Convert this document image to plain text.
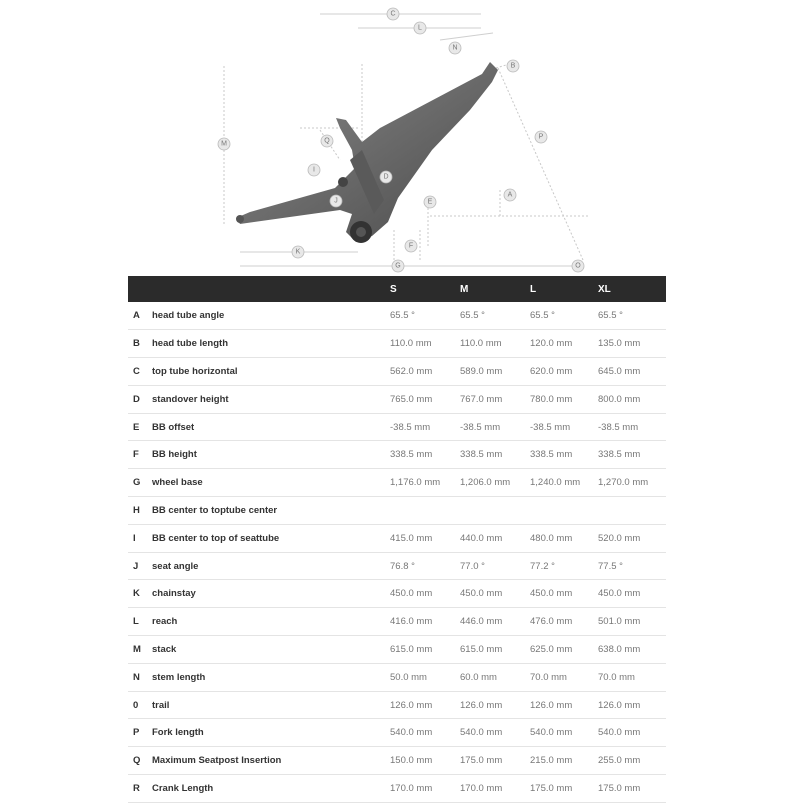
C
L
N
B
M	Q
P
I
D
A
J	E
F
K
G	O
		S	M	L	XL
A	head tube angle	65.5 °	65.5 °	65.5 °	65.5 °
B	head tube length	110.0 mm	110.0 mm	120.0 mm	135.0 mm
C	top tube horizontal	562.0 mm	589.0 mm	620.0 mm	645.0 mm
D	standover height	765.0 mm	767.0 mm	780.0 mm	800.0 mm
E	BB offset	-38.5 mm	-38.5 mm	-38.5 mm	-38.5 mm
F	BB height	338.5 mm	338.5 mm	338.5 mm	338.5 mm
G	wheel base	1,176.0 mm	1,206.0 mm	1,240.0 mm	1,270.0 mm
H	BB center to toptube center				
I	BB center to top of seattube	415.0 mm	440.0 mm	480.0 mm	520.0 mm
J	seat angle	76.8 °	77.0 °	77.2 °	77.5 °
K	chainstay	450.0 mm	450.0 mm	450.0 mm	450.0 mm
L	reach	416.0 mm	446.0 mm	476.0 mm	501.0 mm
M	stack	615.0 mm	615.0 mm	625.0 mm	638.0 mm
N	stem length	50.0 mm	60.0 mm	70.0 mm	70.0 mm
0	trail	126.0 mm	126.0 mm	126.0 mm	126.0 mm
P	Fork length	540.0 mm	540.0 mm	540.0 mm	540.0 mm
Q	Maximum Seatpost Insertion	150.0 mm	175.0 mm	215.0 mm	255.0 mm
R	Crank Length	170.0 mm	170.0 mm	175.0 mm	175.0 mm
